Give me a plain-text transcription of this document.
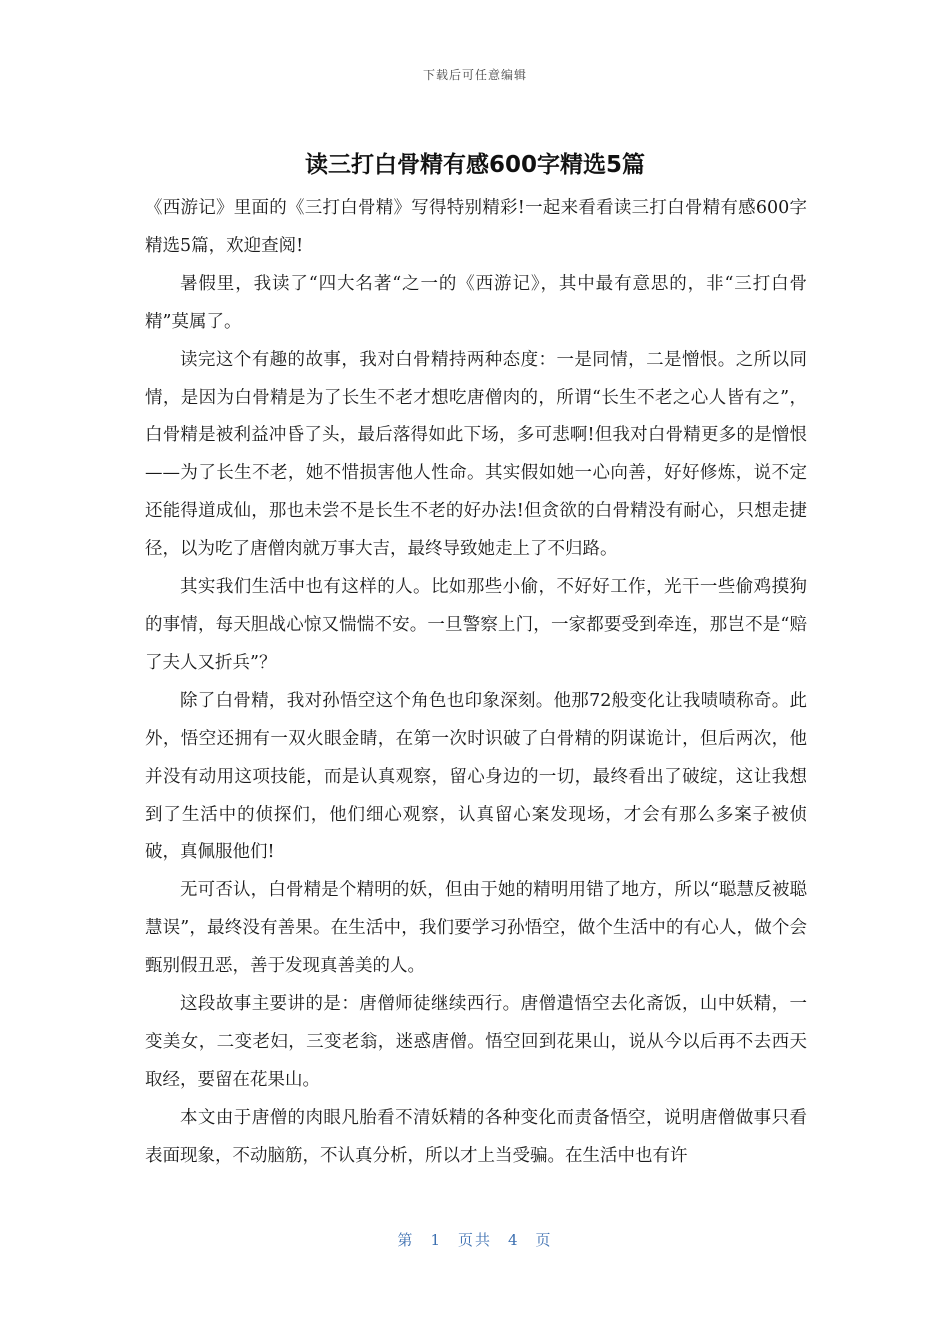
下载后可任意编辑
读三打白骨精有感600字精选5篇

《西游记》里面的《三打白骨精》写得特别精彩!一起来看看读三打白骨精有感600字精选5篇，欢迎查阅!

暑假里，我读了“四大名著“之一的《西游记》，其中最有意思的，非“三打白骨精”莫属了。

读完这个有趣的故事，我对白骨精持两种态度：一是同情，二是憎恨。之所以同情，是因为白骨精是为了长生不老才想吃唐僧肉的，所谓“长生不老之心人皆有之”，白骨精是被利益冲昏了头，最后落得如此下场，多可悲啊!但我对白骨精更多的是憎恨——为了长生不老，她不惜损害他人性命。其实假如她一心向善，好好修炼，说不定还能得道成仙，那也未尝不是长生不老的好办法!但贪欲的白骨精没有耐心，只想走捷径，以为吃了唐僧肉就万事大吉，最终导致她走上了不归路。

其实我们生活中也有这样的人。比如那些小偷，不好好工作，光干一些偷鸡摸狗的事情，每天胆战心惊又惴惴不安。一旦警察上门，一家都要受到牵连，那岂不是“赔了夫人又折兵”？

除了白骨精，我对孙悟空这个角色也印象深刻。他那72般变化让我啧啧称奇。此外，悟空还拥有一双火眼金睛，在第一次时识破了白骨精的阴谋诡计，但后两次，他并没有动用这项技能，而是认真观察，留心身边的一切，最终看出了破绽，这让我想到了生活中的侦探们，他们细心观察，认真留心案发现场，才会有那么多案子被侦破，真佩服他们!

无可否认，白骨精是个精明的妖，但由于她的精明用错了地方，所以“聪慧反被聪慧误”，最终没有善果。在生活中，我们要学习孙悟空，做个生活中的有心人，做个会甄别假丑恶，善于发现真善美的人。

这段故事主要讲的是：唐僧师徒继续西行。唐僧遣悟空去化斋饭，山中妖精，一变美女，二变老妇，三变老翁，迷惑唐僧。悟空回到花果山，说从今以后再不去西天取经，要留在花果山。

本文由于唐僧的肉眼凡胎看不清妖精的各种变化而责备悟空，说明唐僧做事只看表面现象，不动脑筋，不认真分析，所以才上当受骗。在生活中也有许

第 1 页共 4 页
